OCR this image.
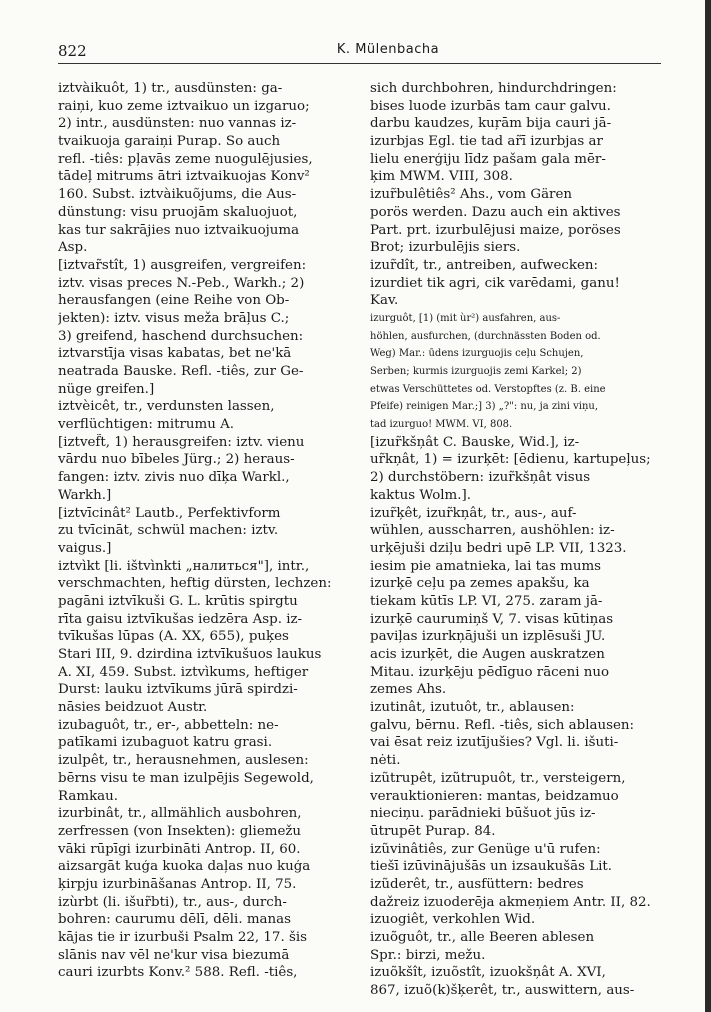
822	K. Mülenbacha
iztvàikuôt, 1) tr., ausdünsten: ga-
raiņi, kuo zeme iztvaikuo un izgaruo;
2) intr., ausdünsten: nuo vannas iz-
tvaikuoja garaiņi Purap. So auch
refl. -tiês: pļavās zeme nuogulējusies,
tādeļ mitrums ātri iztvaikuojas Konv²
160. Subst. iztvàikuõjums, die Aus-
dünstung: visu pruojām skaluojuot,
kas tur sakrājies nuo iztvaikuojuma
Asp.
[iztvar̃stît, 1) ausgreifen, vergreifen:
iztv. visas preces N.-Peb., Warkh.; 2)
herausfangen (eine Reihe von Ob-
jekten): iztv. visus meža brāļus C.;
3) greifend, haschend durchsuchen:
iztvarstīja visas kabatas, bet ne'kā
neatrada Bauske. Refl. -tiês, zur Ge-
nüge greifen.]
iztvèicêt, tr., verdunsten lassen,
verflüchtigen: mitrumu A.
[iztvef̃t, 1) herausgreifen: iztv. vienu
vārdu nuo bībeles Jürg.; 2) heraus-
fangen: iztv. zivis nuo dīķa Warkl.,
Warkh.]
[iztvīcinât² Lautb., Perfektivform
zu tvīcināt, schwül machen: iztv.
vaigus.]
iztvìkt [li. ištvìnkti „налиться"], intr.,
verschmachten, heftig dürsten, lechzen:
pagāni iztvīkuši G. L. krūtis spirgtu
rīta gaisu iztvīkušas iedzēra Asp. iz-
tvīkušas lūpas (A. XX, 655), puķes
Stari III, 9. dzirdina iztvīkušuos laukus
A. XI, 459. Subst. iztvìkums, heftiger
Durst: lauku iztvīkums jūrā spirdzi-
nāsies beidzuot Austr.
izubaguôt, tr., er-, abbetteln: ne-
patīkami izubaguot katru grasi.
izulpêt, tr., herausnehmen, auslesen:
bērns visu te man izulpējis Segewold,
Ramkau.
izurbinât, tr., allmählich ausbohren,
zerfressen (von Insekten): gliemežu
vāki rūpīgi izurbināti Antrop. II, 60.
aizsargāt kuģa kuoka daļas nuo kuģa
ķirpju izurbināšanas Antrop. II, 75.
izùrbt (li. išur̃bti), tr., aus-, durch-
bohren: caurumu dēlī, dēli. manas
kājas tie ir izurbuši Psalm 22, 17. šis
slānis nav vēl ne'kur visa biezumā
cauri izurbts Konv.² 588. Refl. -tiês,
sich durchbohren, hindurchdringen:
bises luode izurbās tam caur galvu.
darbu kaudzes, kuŗām bija cauri jā-
izurbjas Egl. tie tad ar̃ī izurbjas ar
lielu enerģiju līdz pašam gala mēr-
ķim MWM. VIII, 308.
izur̃bulêtiês² Ahs., vom Gären
porös werden. Dazu auch ein aktives
Part. prt. izurbulējusi maize, poröses
Brot; izurbulējis siers.
izur̃dît, tr., antreiben, aufwecken:
izurdiet tik agri, cik varēdami, ganu!
Kav.
izurguôt, [1) (mit ùr²) ausfahren, aus-
höhlen, ausfurchen, (durchnässten Boden od.
Weg) Mar.: ūdens izurguojis ceļu Schujen,
Serben; kurmis izurguojis zemi Karkel; 2)
etwas Verschüttetes od. Verstopftes (z. B. eine
Pfeife) reinigen Mar.;] 3) „?": nu, ja zini viņu,
tad izurguo! MWM. VI, 808.
[izur̃kšņât C. Bauske, Wid.], iz-
ur̃kņât, 1) = izurķēt: [ēdienu, kartupeļus;
2) durchstöbern: izur̃kšņât visus
kaktus Wolm.].
izur̃ķêt, izur̃kņât, tr., aus-, auf-
wühlen, ausscharren, aushöhlen: iz-
urķējuši dziļu bedri upē LP. VII, 1323.
iesim pie amatnieka, lai tas mums
izurķē ceļu pa zemes apakšu, ka
tiekam kūtīs LP. VI, 275. zaram jā-
izurķē caurumiņš V, 7. visas kūtiņas
paviļas izurkņājuši un izplēsuši JU.
acis izurķēt, die Augen auskratzen
Mitau. izurķēju pēdīguo rāceni nuo
zemes Ahs.
izutinât, izutuôt, tr., ablausen:
galvu, bērnu. Refl. -tiês, sich ablausen:
vai ēsat reiz izutījušies? Vgl. li. išuti-
nėti.
izũtrupêt, izũtrupuôt, tr., versteigern,
verauktionieren: mantas, beidzamuo
nieciņu. parādnieki būšuot jūs iz-
ūtrupēt Purap. 84.
izũvinâtiês, zur Genüge u'ū rufen:
tiešī izūvinājušās un izsaukušās Lit.
izũderêt, tr., ausfüttern: bedres
dažreiz izuoderēja akmeņiem Antr. II, 82.
izuogiêt, verkohlen Wid.
izuõguôt, tr., alle Beeren ablesen
Spr.: birzi, mežu.
izuõkšît, izuõstît, izuokšņât A. XVI,
867, izuõ(k)šķerêt, tr., auswittern, aus-
